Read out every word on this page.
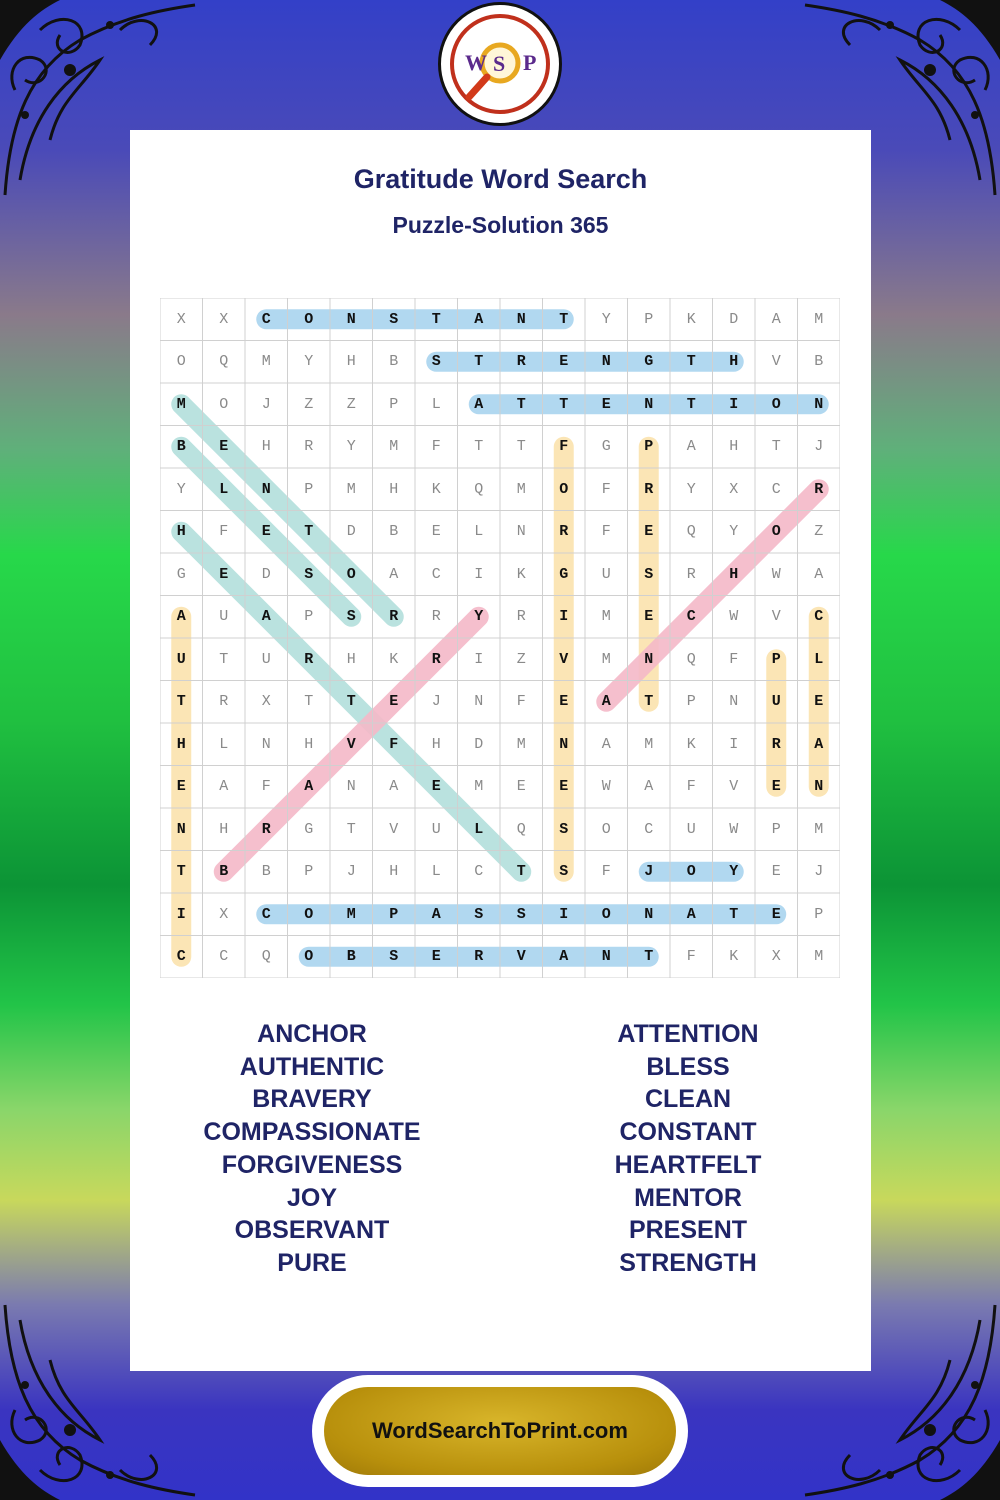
W S P
Gratitude Word Search
Puzzle-Solution 365
X	X	C	O	N	S	T	A	N	T	Y	P	K	D	A	M
O	Q	M	Y	H	B	S	T	R	E	N	G	T	H	V	B
M	O	J	Z	Z	P	L	A	T	T	E	N	T	I	O	N
B	E	H	R	Y	M	F	T	T	F	G	P	A	H	T	J
Y	L	N	P	M	H	K	Q	M	O	F	R	Y	X	C	R
H	F	E	T	D	B	E	L	N	R	F	E	Q	Y	O	Z
G	E	D	S	O	A	C	I	K	G	U	S	R	H	W	A
A	U	A	P	S	R	R	Y	R	I	M	E	C	W	V	C
U	T	U	R	H	K	R	I	Z	V	M	N	Q	F	P	L
T	R	X	T	T	E	J	N	F	E	A	T	P	N	U	E
H	L	N	H	V	F	H	D	M	N	A	M	K	I	R	A
E	A	F	A	N	A	E	M	E	E	W	A	F	V	E	N
N	H	R	G	T	V	U	L	Q	S	O	C	U	W	P	M
T	B	B	P	J	H	L	C	T	S	F	J	O	Y	E	J
I	X	C	O	M	P	A	S	S	I	O	N	A	T	E	P
C	C	Q	O	B	S	E	R	V	A	N	T	F	K	X	M
ANCHOR
AUTHENTIC
BRAVERY
COMPASSIONATE
FORGIVENESS
JOY
OBSERVANT
PURE
ATTENTION
BLESS
CLEAN
CONSTANT
HEARTFELT
MENTOR
PRESENT
STRENGTH
WordSearchToPrint.com
